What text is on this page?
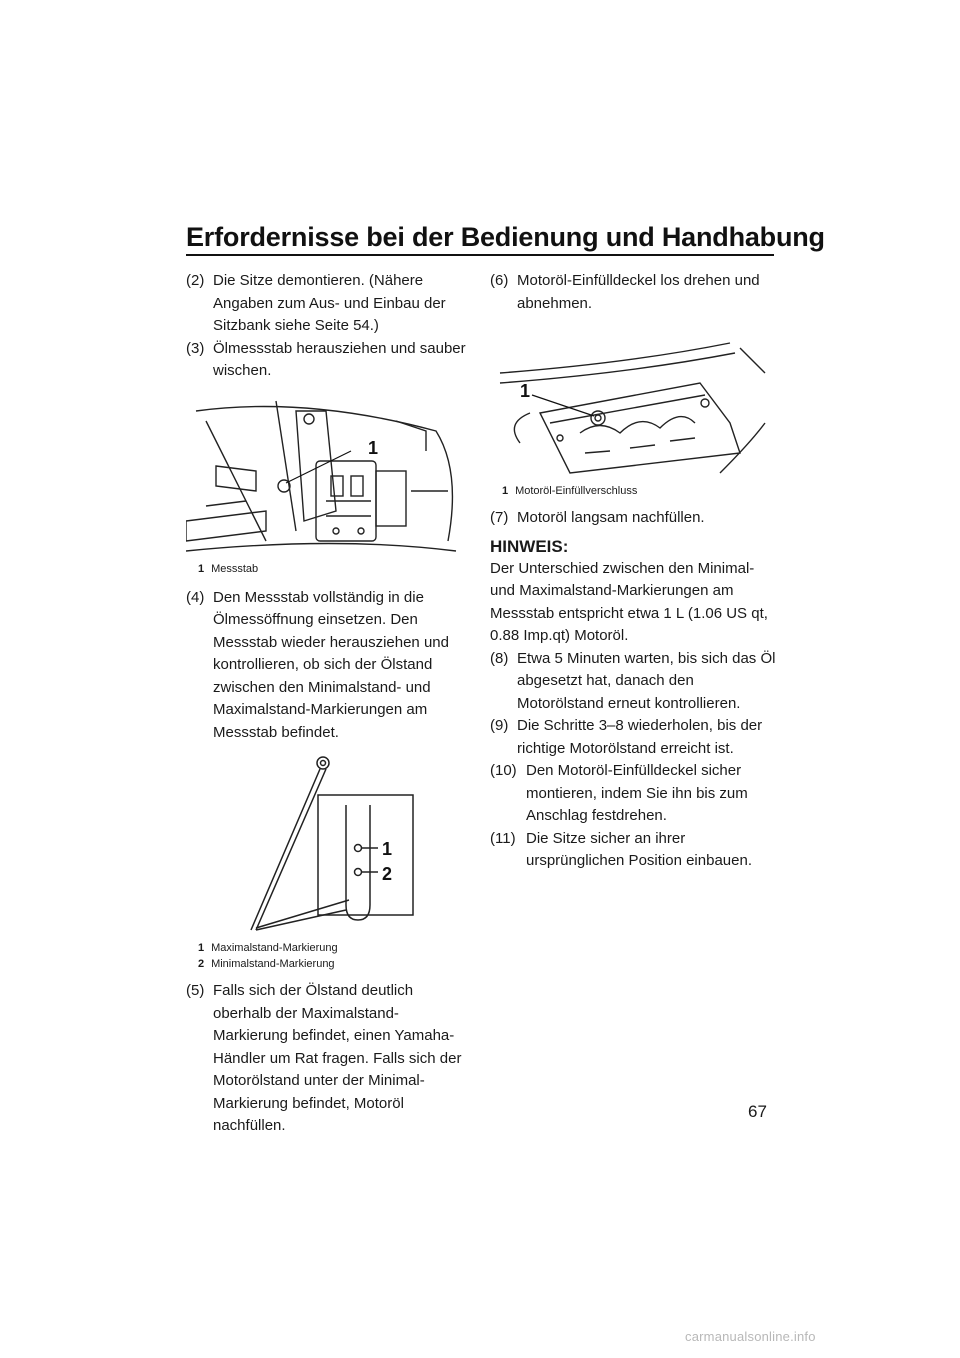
Erfordernisse bei der Bedienung und Handhabung

(2) Die Sitze demontieren. (Nähere Angaben zum Aus- und Einbau der Sitzbank siehe Seite 54.)

(3) Ölmessstab herausziehen und sauber wischen.

1
1 Messstab

(4) Den Messstab vollständig in die Ölmessöffnung einsetzen. Den Messstab wieder herausziehen und kontrollieren, ob sich der Ölstand zwischen den Minimalstand- und Maximalstand-Markierungen am Messstab befindet.

1
2
1 Maximalstand-Markierung
2 Minimalstand-Markierung

(5) Falls sich der Ölstand deutlich oberhalb der Maximalstand-Markierung befindet, einen Yamaha-Händler um Rat fragen. Falls sich der Motorölstand unter der Minimal-Markierung befindet, Motoröl nachfüllen.

(6) Motoröl-Einfülldeckel los drehen und abnehmen.

1
1 Motoröl-Einfüllverschluss

(7) Motoröl langsam nachfüllen.

HINWEIS:

Der Unterschied zwischen den Minimal- und Maximalstand-Markierungen am Messstab entspricht etwa 1 L (1.06 US qt, 0.88 Imp.qt) Motoröl.

(8) Etwa 5 Minuten warten, bis sich das Öl abgesetzt hat, danach den Motorölstand erneut kontrollieren.

(9) Die Schritte 3–8 wiederholen, bis der richtige Motorölstand erreicht ist.

(10) Den Motoröl-Einfülldeckel sicher montieren, indem Sie ihn bis zum Anschlag festdrehen.

(11) Die Sitze sicher an ihrer ursprünglichen Position einbauen.

67
carmanualsonline.info
